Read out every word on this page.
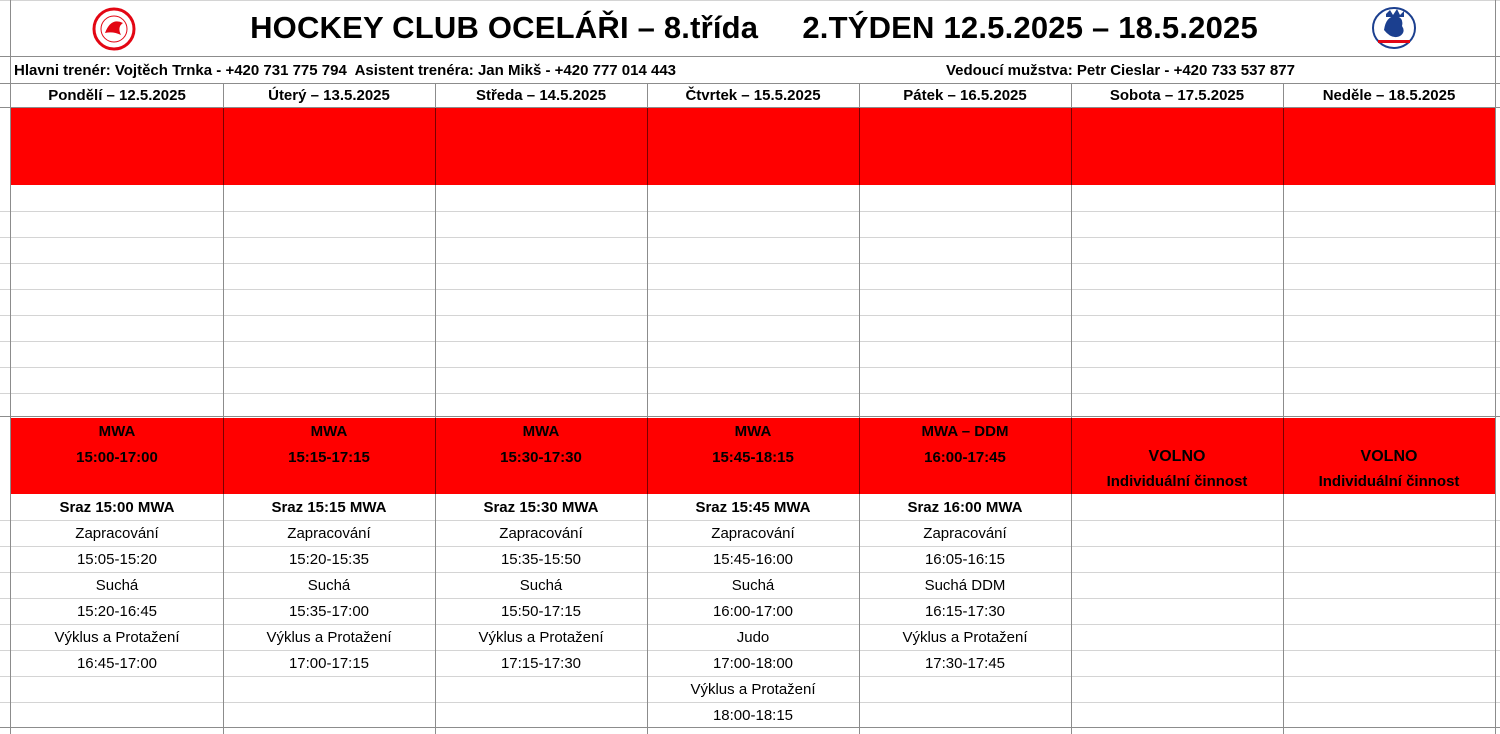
HOCKEY CLUB OCELÁŘI – 8.třída     2.TÝDEN 12.5.2025 – 18.5.2025
Hlavni trenér: Vojtěch Trnka - +420 731 775 794  Asistent trenéra: Jan Mikš - +420 777 014 443	Vedoucí mužstva: Petr Cieslar - +420 733 537 877
Pondělí – 12.5.2025
MWA
15:00-17:00
Sraz 15:00 MWA
Zapracování
15:05-15:20
Suchá
15:20-16:45
Výklus a Protažení
16:45-17:00
Úterý – 13.5.2025
MWA
15:15-17:15
Sraz 15:15 MWA
Zapracování
15:20-15:35
Suchá
15:35-17:00
Výklus a Protažení
17:00-17:15
Středa – 14.5.2025
MWA
15:30-17:30
Sraz 15:30 MWA
Zapracování
15:35-15:50
Suchá
15:50-17:15
Výklus a Protažení
17:15-17:30
Čtvrtek – 15.5.2025
MWA
15:45-18:15
Sraz 15:45 MWA
Zapracování
15:45-16:00
Suchá
16:00-17:00
Judo
17:00-18:00
Výklus a Protažení
18:00-18:15
Pátek – 16.5.2025
MWA – DDM
16:00-17:45
Sraz 16:00 MWA
Zapracování
16:05-16:15
Suchá DDM
16:15-17:30
Výklus a Protažení
17:30-17:45
Sobota – 17.5.2025
VOLNO
Individuální činnost
Neděle – 18.5.2025
VOLNO
Individuální činnost
